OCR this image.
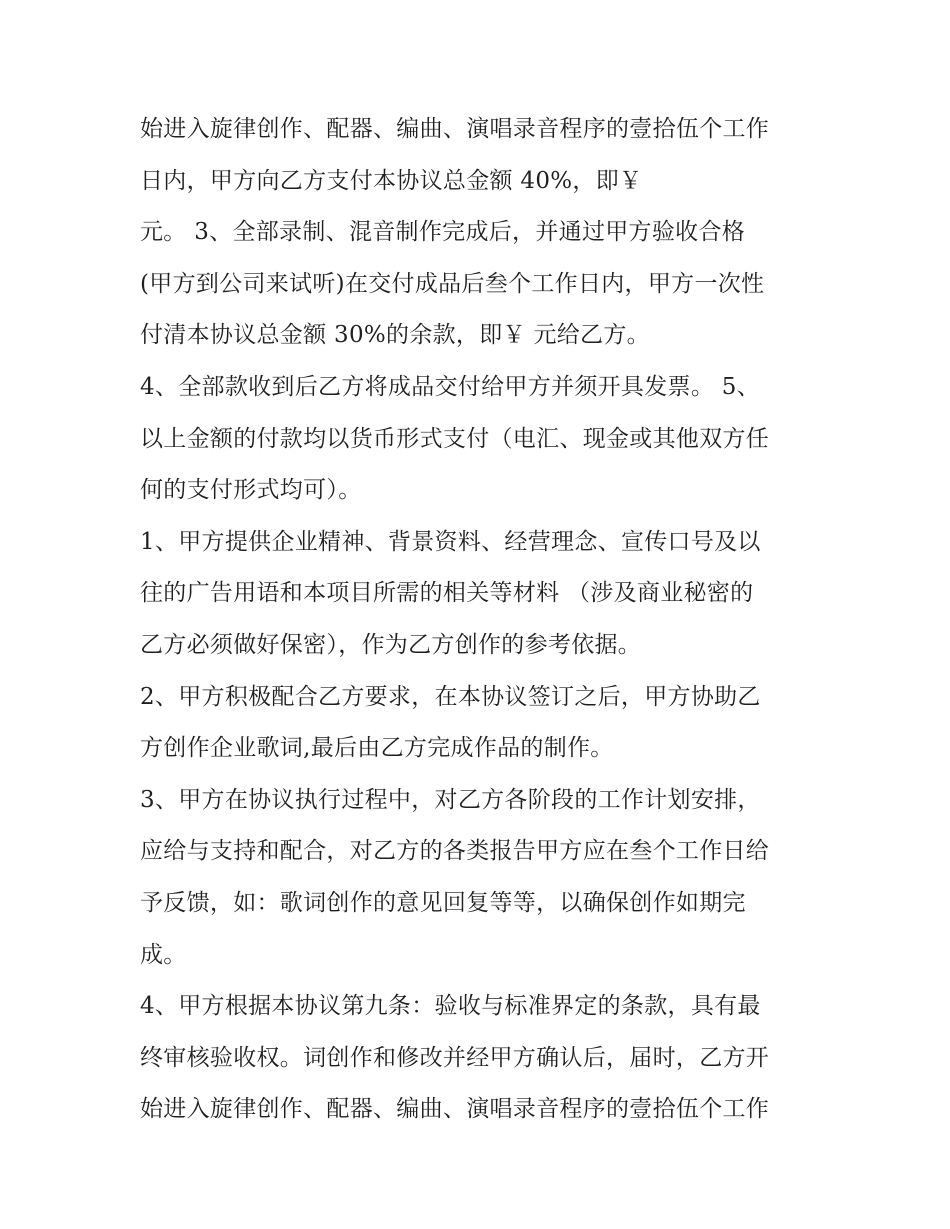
始进入旋律创作、配器、编曲、演唱录音程序的壹拾伍个工作
日内，甲方向乙方支付本协议总金额 40%，即￥
元。 3、全部录制、混音制作完成后，并通过甲方验收合格
(甲方到公司来试听)在交付成品后叁个工作日内，甲方一次性
付清本协议总金额 30%的余款，即￥ 元给乙方。
4、全部款收到后乙方将成品交付给甲方并须开具发票。 5、
以上金额的付款均以货币形式支付（电汇、现金或其他双方任
何的支付形式均可）。
1、甲方提供企业精神、背景资料、经营理念、宣传口号及以
往的广告用语和本项目所需的相关等材料 （涉及商业秘密的
乙方必须做好保密），作为乙方创作的参考依据。
2、甲方积极配合乙方要求，在本协议签订之后，甲方协助乙
方创作企业歌词,最后由乙方完成作品的制作。
3、甲方在协议执行过程中，对乙方各阶段的工作计划安排，
应给与支持和配合，对乙方的各类报告甲方应在叁个工作日给
予反馈，如：歌词创作的意见回复等等，以确保创作如期完
成。
4、甲方根据本协议第九条：验收与标准界定的条款，具有最
终审核验收权。词创作和修改并经甲方确认后，届时，乙方开
始进入旋律创作、配器、编曲、演唱录音程序的壹拾伍个工作
